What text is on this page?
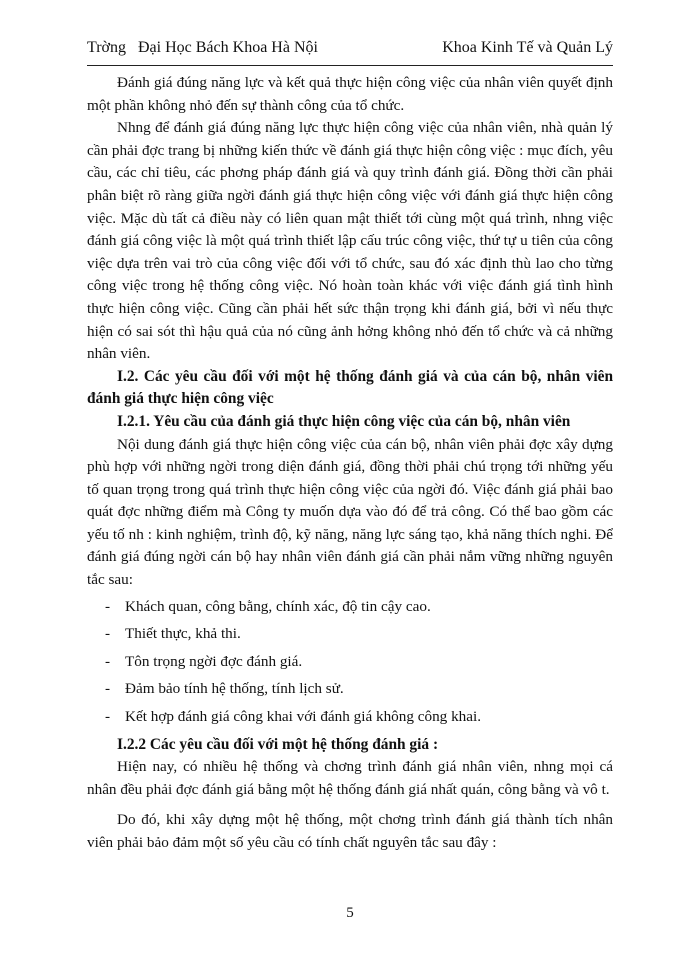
Trờng   Đại Học Bách Khoa Hà Nội	Khoa Kinh Tế và Quản Lý

Đánh giá đúng năng lực và kết quả thực hiện công việc của nhân viên quyết định một phần không nhỏ đến sự thành công của tổ chức.

Nhng để đánh giá đúng năng lực thực hiện công việc của nhân viên, nhà quản lý cần phải đợc trang bị những kiến thức về đánh giá thực hiện công việc : mục đích, yêu cầu, các chỉ tiêu, các phơng pháp đánh giá và quy trình đánh giá. Đồng thời cần phải phân biệt rõ ràng giữa ngời đánh giá thực hiện công việc với đánh giá thực hiện công việc. Mặc dù tất cả điều này có liên quan mật thiết tới cùng một quá trình, nhng việc đánh giá công việc là một quá trình thiết lập cấu trúc công việc, thứ tự u tiên của công việc dựa trên vai trò của công việc đối với tổ chức, sau đó xác định thù lao cho từng công việc trong hệ thống công việc. Nó hoàn toàn khác với việc đánh giá tình hình thực hiện công việc. Cũng cần phải hết sức thận trọng khi đánh giá, bởi vì nếu thực hiện có sai sót thì hậu quả của nó cũng ảnh hởng không nhỏ đến tổ chức và cả những nhân viên.

I.2. Các yêu cầu đối với một hệ thống đánh giá và của cán bộ, nhân viên đánh giá thực hiện công việc
I.2.1. Yêu cầu của đánh giá thực hiện công việc của cán bộ, nhân viên

Nội dung đánh giá thực hiện công việc của cán bộ, nhân viên phải đợc xây dựng phù hợp với những ngời trong diện đánh giá, đồng thời phải chú trọng tới những yếu tố quan trọng trong quá trình thực hiện công việc của ngời đó. Việc đánh giá phải bao quát đợc những điểm mà Công ty muốn dựa vào đó để trả công. Có thể bao gồm các yếu tố nh : kinh nghiệm, trình độ, kỹ năng, năng lực sáng tạo, khả năng thích nghi. Để đánh giá đúng ngời cán bộ hay nhân viên đánh giá cần phải nắm vững những nguyên tắc sau:

- Khách quan, công bằng, chính xác, độ tin cậy cao.
- Thiết thực, khả thi.
- Tôn trọng ngời đợc đánh giá.
- Đảm bảo tính hệ thống, tính lịch sử.
- Kết hợp đánh giá công khai với đánh giá không công khai.
I.2.2 Các yêu cầu đối với một hệ thống đánh giá :

Hiện nay, có nhiều hệ thống và chơng trình đánh giá nhân viên, nhng mọi cá nhân đều phải đợc đánh giá bằng một hệ thống đánh giá nhất quán, công bằng và vô t.

Do đó, khi xây dựng một hệ thống, một chơng trình đánh giá thành tích nhân viên phải bảo đảm một số yêu cầu có tính chất nguyên tắc sau đây :

5
